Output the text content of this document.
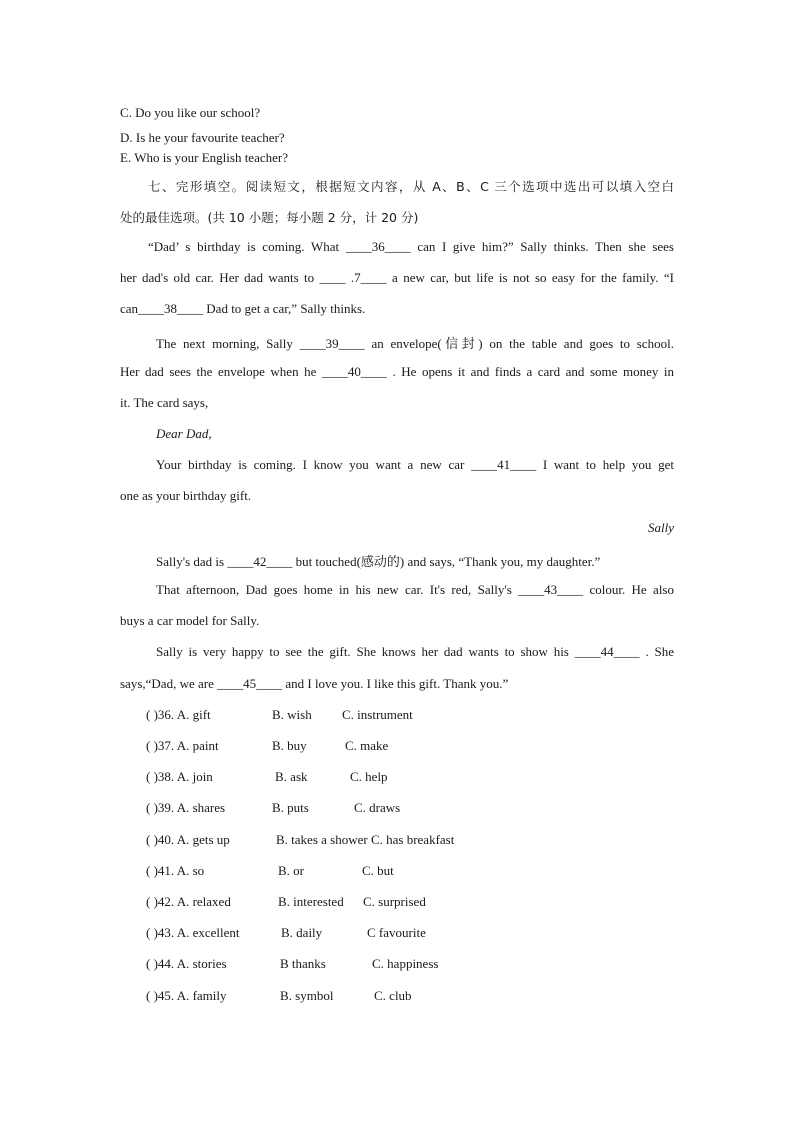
C. Do you like our school?
D. Is he your favourite teacher?
E. Who is your English teacher?
七、完形填空。阅读短文，根据短文内容，从 A、B、C 三个选项中选出可以填入空白
处的最佳选项。(共 10 小题；每小题 2 分，计 20 分)
“Dad’ s birthday is coming. What ____36____ can I give him?” Sally thinks. Then she sees
her dad's old car. Her dad wants to ____ .7____ a new car, but life is not so easy for the family. “I
can____38____ Dad to get a car,” Sally thinks.
The next morning, Sally ____39____ an envelope(信封) on the table and goes to school.
Her dad sees the envelope when he ____40____ . He opens it and finds a card and some money in
it. The card says,
Dear Dad,
Your birthday is coming. I know you want a new car ____41____ I want to help you get
one as your birthday gift.
Sally
Sally's dad is ____42____ but touched(感动的) and says, “Thank you, my daughter.”
That afternoon, Dad goes home in his new car. It's red, Sally's ____43____ colour. He also
buys a car model for Sally.
Sally is very happy to see the gift. She knows her dad wants to show his ____44____ . She
says,“Dad, we are ____45____ and I love you. I like this gift. Thank you.”
( )36. A. gift	B. wish C. instrument
( )37. A. paint	B. buy	C. make
( )38. A. join	B. ask	C. help
( )39. A. shares	B. puts	C. draws
( )40. A. gets up	B. takes a shower C. has breakfast
( )41. A. so	B. or	C. but
( )42. A. relaxed	B. interested C. surprised
( )43. A. excellent	B. daily	C favourite
( )44. A. stories	B thanks	C. happiness
( )45. A. family	B. symbol	C. club
